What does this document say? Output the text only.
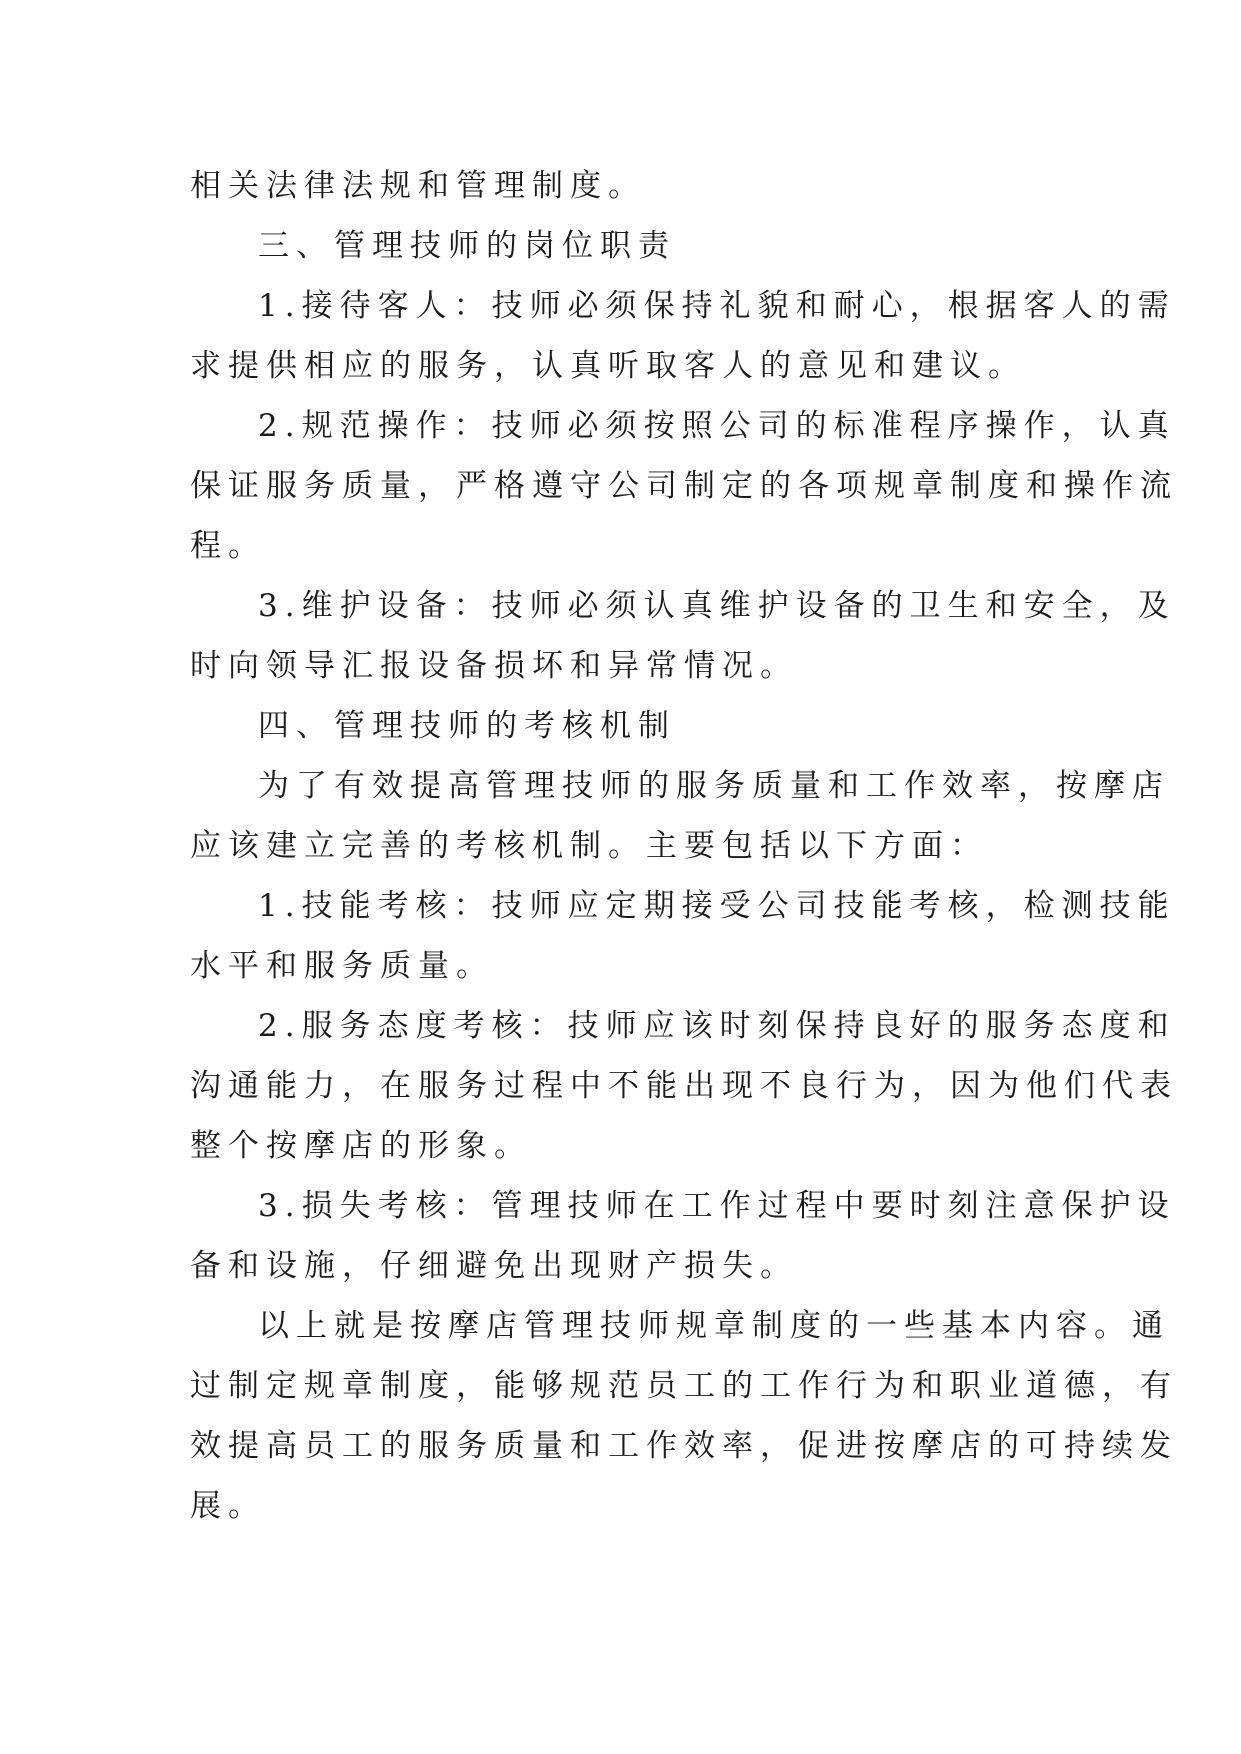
相关法律法规和管理制度。
三、管理技师的岗位职责
1.接待客人：技师必须保持礼貌和耐心，根据客人的需
求提供相应的服务，认真听取客人的意见和建议。
2.规范操作：技师必须按照公司的标准程序操作，认真
保证服务质量，严格遵守公司制定的各项规章制度和操作流
程。
3.维护设备：技师必须认真维护设备的卫生和安全，及
时向领导汇报设备损坏和异常情况。
四、管理技师的考核机制
为了有效提高管理技师的服务质量和工作效率，按摩店
应该建立完善的考核机制。主要包括以下方面：
1.技能考核：技师应定期接受公司技能考核，检测技能
水平和服务质量。
2.服务态度考核：技师应该时刻保持良好的服务态度和
沟通能力，在服务过程中不能出现不良行为，因为他们代表
整个按摩店的形象。
3.损失考核：管理技师在工作过程中要时刻注意保护设
备和设施，仔细避免出现财产损失。
以上就是按摩店管理技师规章制度的一些基本内容。通
过制定规章制度，能够规范员工的工作行为和职业道德，有
效提高员工的服务质量和工作效率，促进按摩店的可持续发
展。
